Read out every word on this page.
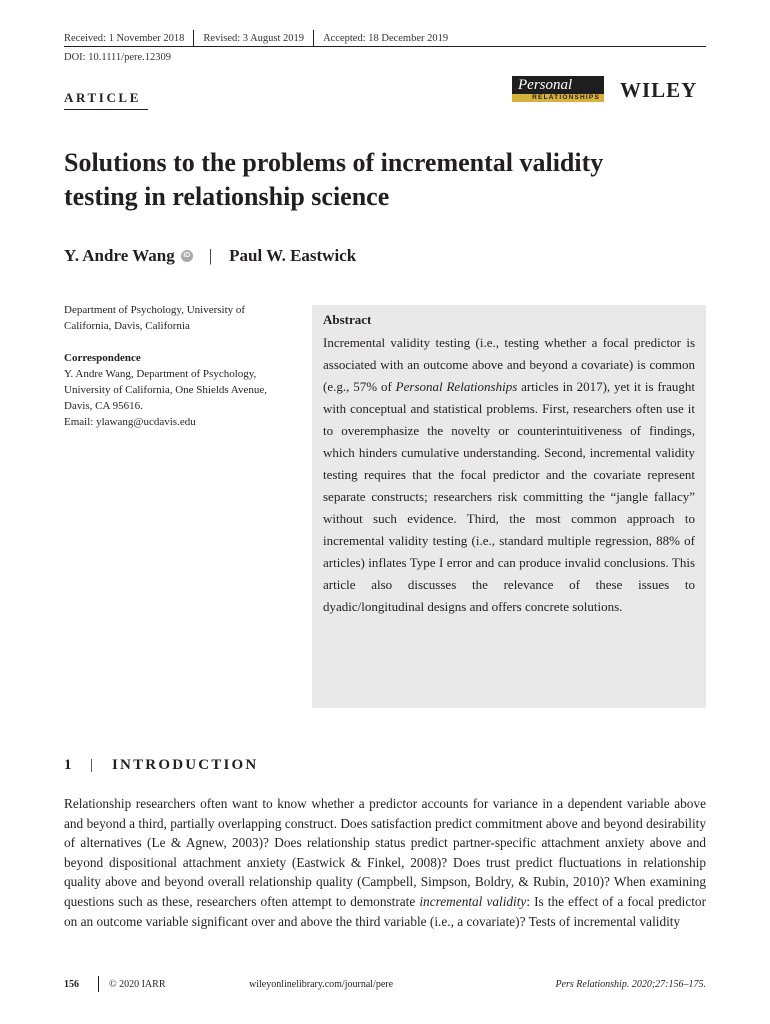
Received: 1 November 2018 Revised: 3 August 2019 Accepted: 18 December 2019
DOI: 10.1111/pere.12309
ARTICLE
Personal
RELATIONSHIPS WILEY
Solutions to the problems of incremental validity testing in relationship science
Y. Andre Wang	iD | Paul W. Eastwick

Department of Psychology, University of California, Davis, California

Correspondence

Y. Andre Wang, Department of Psychology, University of California, One Shields Avenue, Davis, CA 95616.

Email: ylawang@ucdavis.edu

Abstract

Incremental validity testing (i.e., testing whether a focal predictor is associated with an outcome above and beyond a covariate) is common (e.g., 57% of Personal Relationships articles in 2017), yet it is fraught with conceptual and statistical problems. First, researchers often use it to overemphasize the novelty or counterintuitiveness of findings, which hinders cumulative understanding. Second, incremental validity testing requires that the focal predictor and the covariate represent separate constructs; researchers risk committing the “jangle fallacy” without such evidence. Third, the most common approach to incremental validity testing (i.e., standard multiple regression, 88% of articles) inflates Type I error and can produce invalid conclusions. This article also discusses the relevance of these issues to dyadic/longitudinal designs and offers concrete solutions.

1	| INTRODUCTION

Relationship researchers often want to know whether a predictor accounts for variance in a dependent variable above and beyond a third, partially overlapping construct. Does satisfaction predict commitment above and beyond desirability of alternatives (Le & Agnew, 2003)? Does relationship status predict partner-specific attachment anxiety above and beyond dispositional attachment anxiety (Eastwick & Finkel, 2008)? Does trust predict fluctuations in relationship quality above and beyond overall relationship quality (Campbell, Simpson, Boldry, & Rubin, 2010)? When examining questions such as these, researchers often attempt to demonstrate incremental validity: Is the effect of a focal predictor on an outcome variable significant over and above the third variable (i.e., a covariate)? Tests of incremental validity

156	© 2020 IARR	wileyonlinelibrary.com/journal/pere	Pers Relationship. 2020;27:156–175.
